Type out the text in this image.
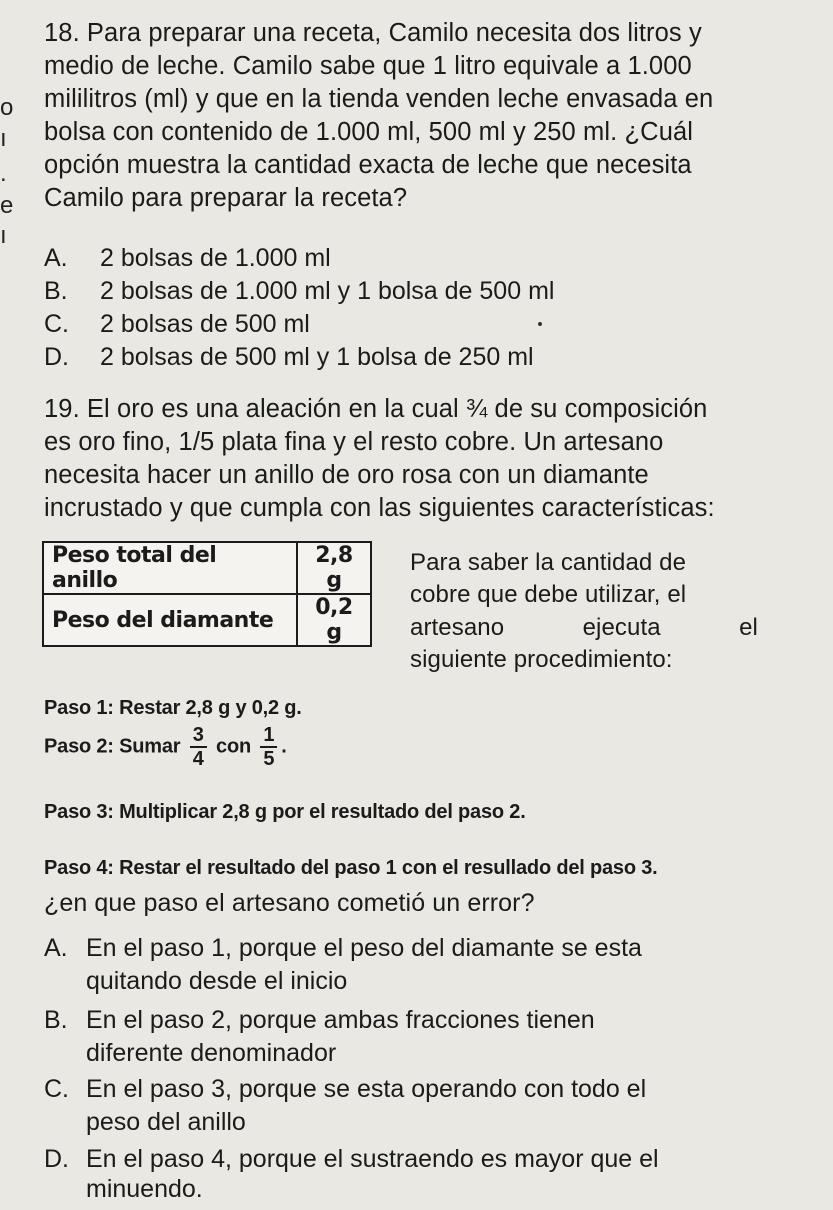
o
ı
.
e
ı
18. Para preparar una receta, Camilo necesita dos litros y
medio de leche. Camilo sabe que 1 litro equivale a 1.000
mililitros (ml) y que en la tienda venden leche envasada en
bolsa con contenido de 1.000 ml, 500 ml y 250 ml. ¿Cuál
opción muestra la cantidad exacta de leche que necesita
Camilo para preparar la receta?
A. 2 bolsas de 1.000 ml
B. 2 bolsas de 1.000 ml y 1 bolsa de 500 ml
C. 2 bolsas de 500 ml
D. 2 bolsas de 500 ml y 1 bolsa de 250 ml
19. El oro es una aleación en la cual ¾ de su composición
es oro fino, 1/5 plata fina y el resto cobre. Un artesano
necesita hacer un anillo de oro rosa con un diamante
incrustado y que cumpla con las siguientes características:
Peso total del anillo	2,8 g
Peso del diamante	0,2 g
Para saber la cantidad de
cobre que debe utilizar, el
artesano ejecuta el
siguiente procedimiento:
Paso 1: Restar 2,8 g y 0,2 g.
Paso 2: Sumar $\frac{3}{4}$ con $\frac{1}{5}$ .
Paso 3: Multiplicar 2,8 g por el resultado del paso 2.
Paso 4: Restar el resultado del paso 1 con el resullado del paso 3.
¿en que paso el artesano cometió un error?
A. En el paso 1, porque el peso del diamante se esta
quitando desde el inicio
B. En el paso 2, porque ambas fracciones tienen
diferente denominador
C. En el paso 3, porque se esta operando con todo el
peso del anillo
D. En el paso 4, porque el sustraendo es mayor que el
minuendo.
